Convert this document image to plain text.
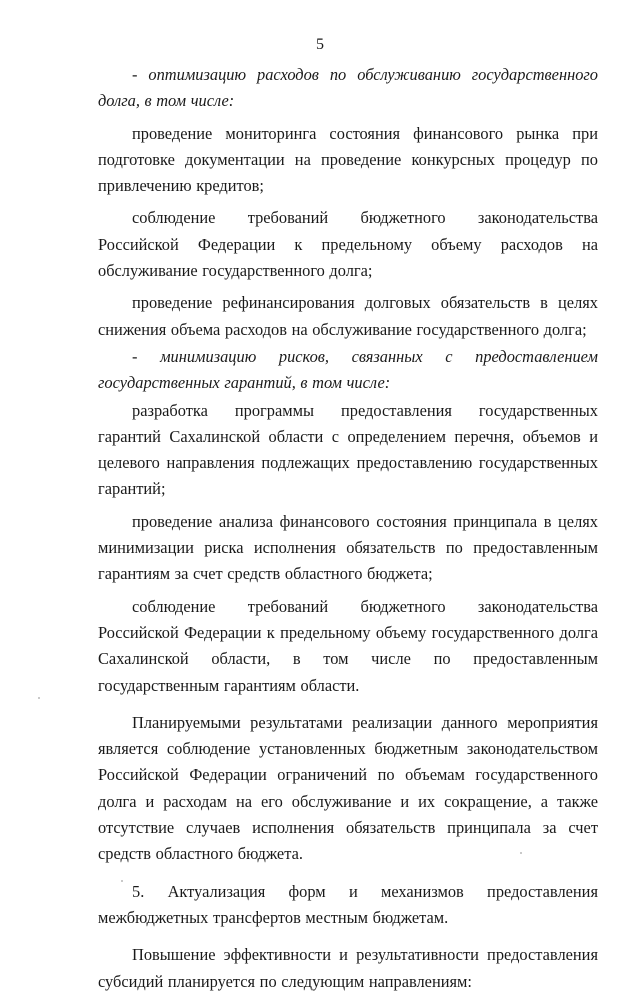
5

- оптимизацию расходов по обслуживанию государственного долга, в том числе:

проведение мониторинга состояния финансового рынка при подготовке документации на проведение конкурсных процедур по привлечению кредитов;

соблюдение требований бюджетного законодательства Российской Федерации к предельному объему расходов на обслуживание государственного долга;

проведение рефинансирования долговых обязательств в целях снижения объема расходов на обслуживание государственного долга;

- минимизацию рисков, связанных с предоставлением государственных гарантий, в том числе:

разработка программы предоставления государственных гарантий Сахалинской области с определением перечня, объемов и целевого направления подлежащих предоставлению государственных гарантий;

проведение анализа финансового состояния принципала в целях минимизации риска исполнения обязательств по предоставленным гарантиям за счет средств областного бюджета;

соблюдение требований бюджетного законодательства Российской Федерации к предельному объему государственного долга Сахалинской области, в том числе по предоставленным государственным гарантиям области.

Планируемыми результатами реализации данного мероприятия является соблюдение установленных бюджетным законодательством Российской Федерации ограничений по объемам государственного долга и расходам на его обслуживание и их сокращение, а также отсутствие случаев исполнения обязательств принципала за счет средств областного бюджета.

5. Актуализация форм и механизмов предоставления межбюджетных трансфертов местным бюджетам.

Повышение эффективности и результативности предоставления субсидий планируется по следующим направлениям:
